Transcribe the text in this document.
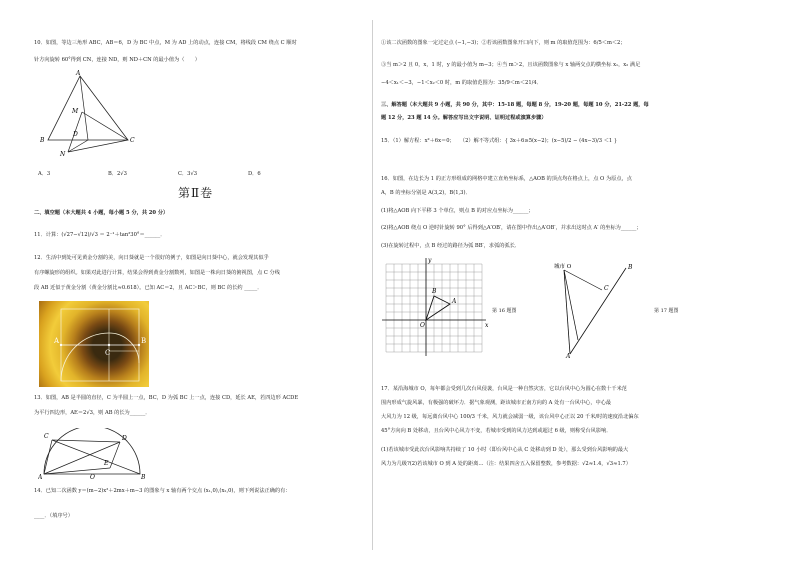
10．如图，等边三角形 ABC，AB＝6，D 为 BC 中点，M 为 AD 上的动点，连接 CM，将线段 CM 绕点 C 顺时
针方向旋转 60°得到 CN，连接 ND，则 ND＋CN 的最小值为（　　）
A
M
D
B	C
N
A．3	B．2√3	C．3√3	D．6
第Ⅱ卷
二、填空题（本大题共 4 小题，每小题 5 分，共 20 分）
11．计算：(√27−√12)/√3 ＝ 2⁻¹＋tan²30°＝______．
12．生活中到处可见黄金分割的美，向日葵就是一个很好的例子，如图是向日葵中心，就会发现其似乎
有序螺旋形的组织。如果对此进行计算，结果会得到黄金分割数列，如图是一株向日葵的俯视图，点 C 分线
段 AB 近似于黄金分割（黄金分割比≈0.618）。已知 AC＝2，且 AC＞BC，则 BC 的长约 _____．
A
C
B
13．如图，AB 是半圆的直径，C 为半圆上一点，BC，D 为弧 BC 上一点，连接 CD，延长 AE，若四边形 ACDE
为平行四边形，AE＝2√3，则 AB 的长为______．
C	D
E
A	O	B
14．已知二次函数 y＝(m−2)x²＋2mx＋m−3 的图象与 x 轴有两个交点 (x₁,0),(x₂,0)，则下列说法正确的有：
____．（填序号）
①该二次函数的图象一定过定点 (−1,−3)；②若该函数图象开口向下，则 m 的取值范围为：6/5＜m＜2；
③当 m＞2 且 0，x，1 时，y 的最小值为 m−3；④当 m＞2，且该函数图象与 x 轴两交点的横坐标 x₁，x₂ 满足
−4＜x₁＜−3，−1＜x₂＜0 时，m 的取值范围为：35/9＜m＜21/4．
三、解答题（本大题共 9 小题，共 90 分，其中：15-18 题，每题 8 分，19-20 题，每题 10 分，21-22 题，每
题 12 分，23 题 14 分。解答应写出文字说明、证明过程或演算步骤）
15．（1）解方程：x²＋6x＝0；　　（2）解不等式组：{ 3x＋6≥5(x−2)；(x−5)/2 − (4x−3)/3 ＜1 }
16．如图，在边长为 1 的正方形组成的网格中建立直角坐标系，△AOB 的顶点均在格点上，点 O 为原点，点
A，B 的坐标分别是 A(3,2)，B(1,3)．
(1)将△AOB 向下平移 3 个单位，则点 B 的对应点坐标为______；
(2)将△AOB 绕点 O 逆时针旋转 90° 后得到△A′OB′，请在图中作出△A′OB′，并求出这时点 A′ 的坐标为______；
(3)在旋转过程中，点 B 经过的路径为弧 BB′，求弧的弧长．
y
B
A
O	x
第 16 题图
城市 O	B
A
C
第 17 题图
17．某沿海城市 O，每年都会受到几次台风侵袭，台风是一种自然灾害，它以台风中心为圆心在数十千米范
围内形成气旋风暴，有极强的破坏力．据气象观测，距该城市正南方向的 A 处有一台风中心，中心最
大风力为 12 级，每远离台风中心 100/3 千米，风力就会减弱一级，该台风中心正以 20 千米/时的速度沿北偏东
45°方向向 B 处移动，且台风中心风力不变，若城市受到的风力达到或超过 6 级，则称受台风影响．
(1)若该城市受此次台风影响共持续了 10 小时（即台风中心从 C 处移动到 D 处），那么受到台风影响的最大
风力为几级?(2)若该城市 O 到 A 处的距离…（注：结果四舍五入保留整数，参考数据：√2≈1.4，√3≈1.7）
